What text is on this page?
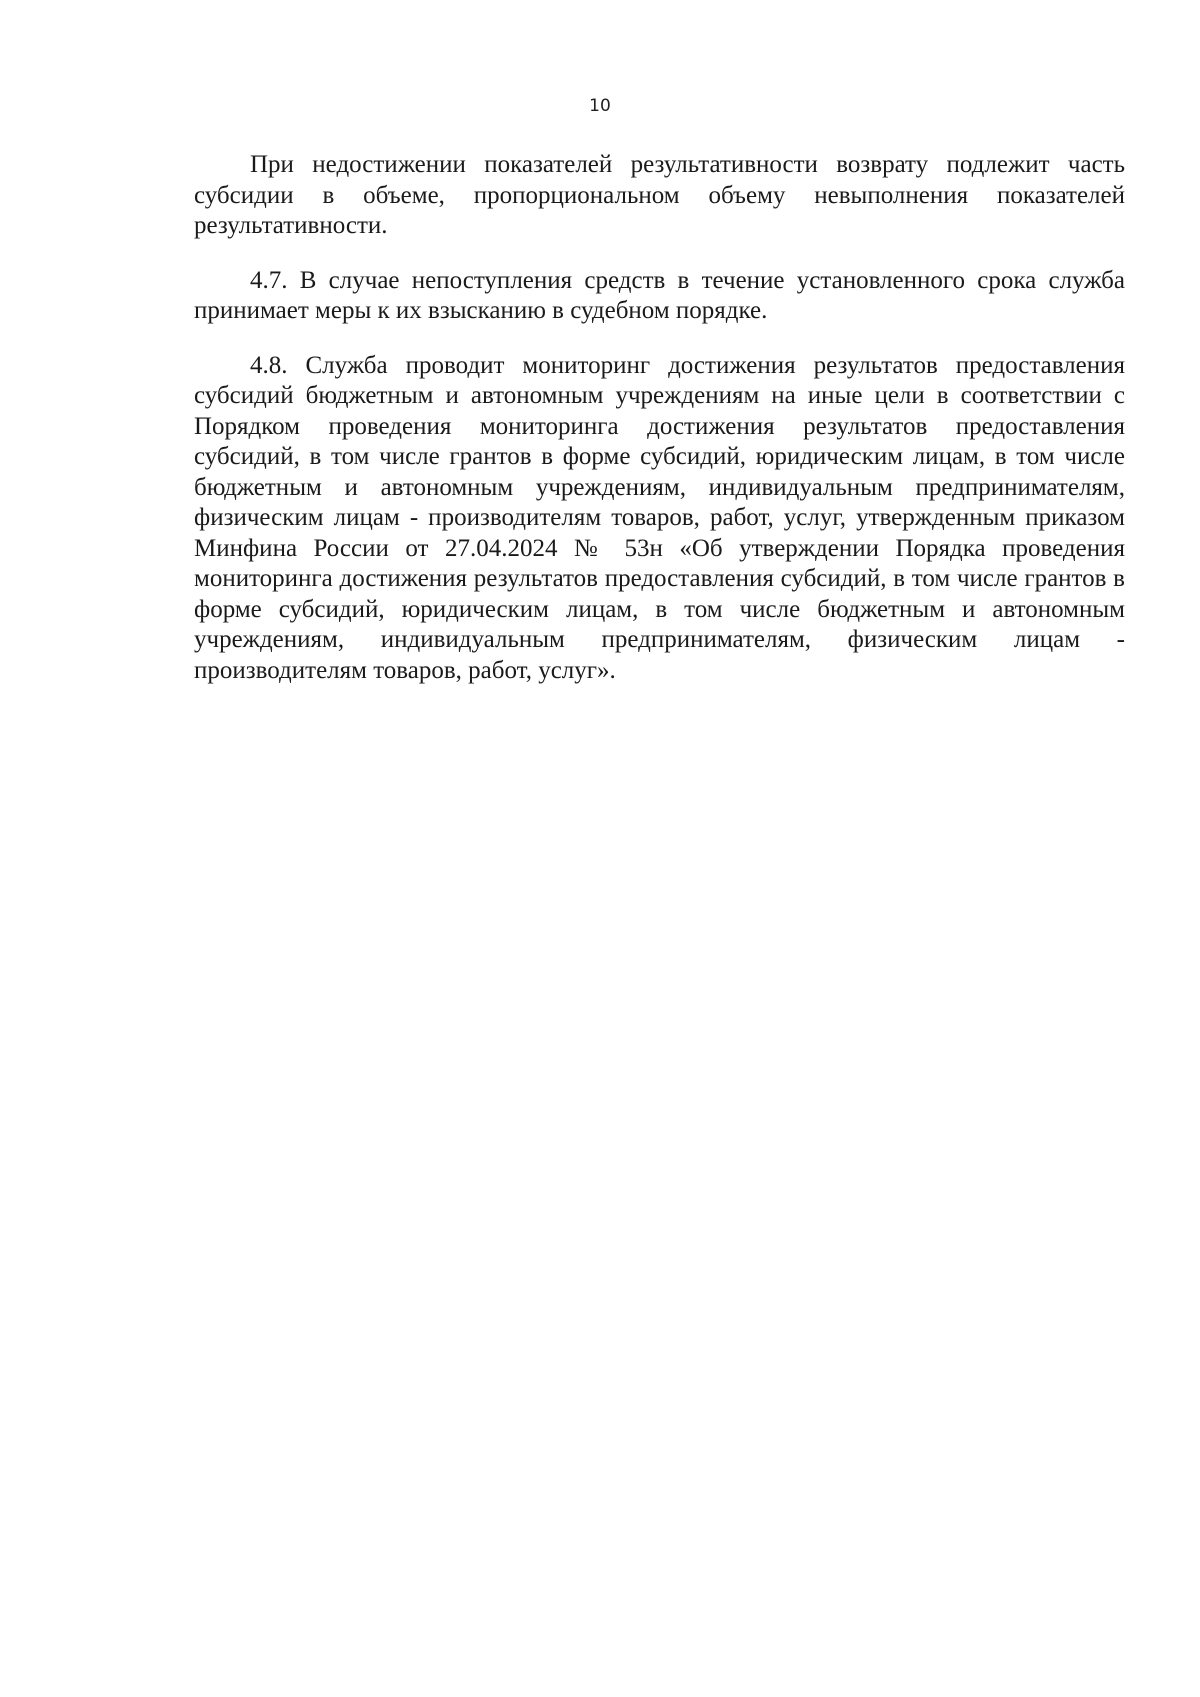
10

При недостижении показателей результативности возврату подлежит часть субсидии в объеме, пропорциональном объему невыполнения показателей результативности.

4.7. В случае непоступления средств в течение установленного срока служба принимает меры к их взысканию в судебном порядке.

4.8. Служба проводит мониторинг достижения результатов предоставления субсидий бюджетным и автономным учреждениям на иные цели в соответствии с Порядком проведения мониторинга достижения результатов предоставления субсидий, в том числе грантов в форме субсидий, юридическим лицам, в том числе бюджетным и автономным учреждениям, индивидуальным предпринимателям, физическим лицам - производителям товаров, работ, услуг, утвержденным приказом Минфина России от 27.04.2024 № 53н «Об утверждении Порядка проведения мониторинга достижения результатов предоставления субсидий, в том числе грантов в форме субсидий, юридическим лицам, в том числе бюджетным и автономным учреждениям, индивидуальным предпринимателям, физическим лицам - производителям товаров, работ, услуг».
